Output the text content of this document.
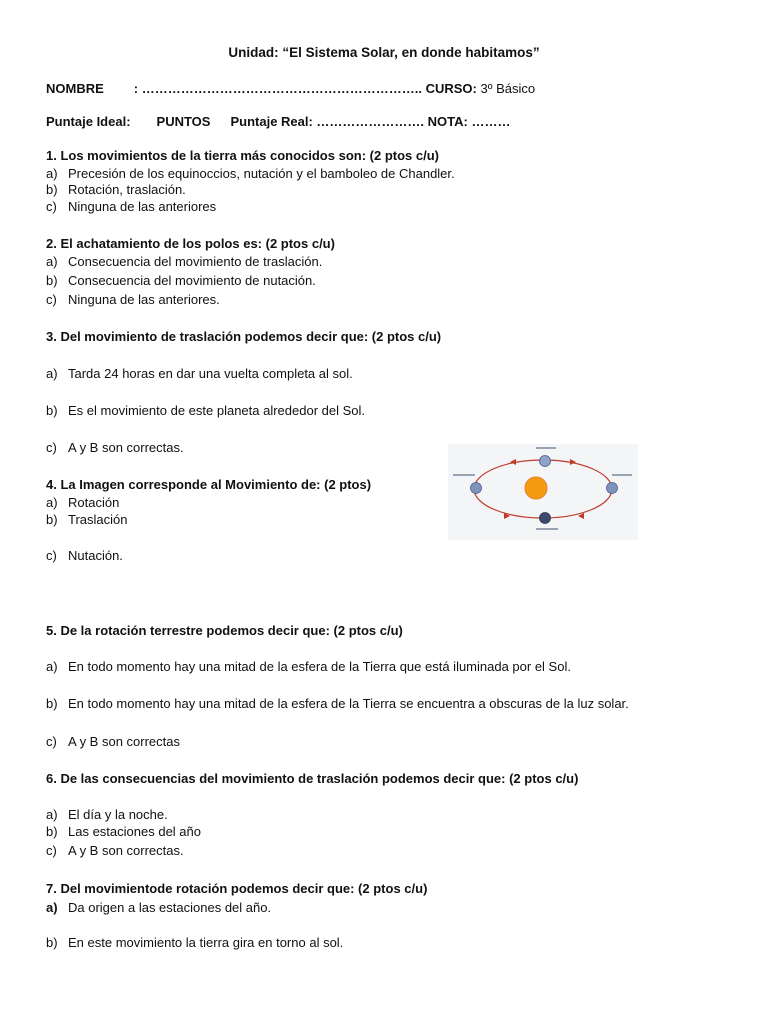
Unidad: “El Sistema Solar, en donde habitamos”
NOMBRE : ……………………………………………………….. CURSO: 3º Básico
Puntaje Ideal: PUNTOS Puntaje Real: ……………………. NOTA: ………
1. Los movimientos de la tierra más conocidos son: (2 ptos c/u)
a) Precesión de los equinoccios, nutación y el bamboleo de Chandler.
b) Rotación, traslación.
c) Ninguna de las anteriores
2. El achatamiento de los polos es: (2 ptos c/u)
a) Consecuencia del movimiento de traslación.
b) Consecuencia del movimiento de nutación.
c) Ninguna de las anteriores.
3. Del movimiento de traslación podemos decir que: (2 ptos c/u)
a) Tarda 24 horas en dar una vuelta completa al sol.
b) Es el movimiento de este planeta alrededor del Sol.
c) A y B son correctas.
4. La Imagen corresponde al Movimiento de: (2 ptos)
a) Rotación
b) Traslación
c) Nutación.
5. De la rotación terrestre podemos decir que: (2 ptos c/u)
a) En todo momento hay una mitad de la esfera de la Tierra que está iluminada por el Sol.
b) En todo momento hay una mitad de la esfera de la Tierra se encuentra a obscuras de la luz solar.
c) A y B son correctas
6. De las consecuencias del movimiento de traslación podemos decir que: (2 ptos c/u)
a) El día y la noche.
b) Las estaciones del año
c) A y B son correctas.
7. Del movimientode rotación podemos decir que: (2 ptos c/u)
a) Da origen a las estaciones del año.
b) En este movimiento la tierra gira en torno al sol.
